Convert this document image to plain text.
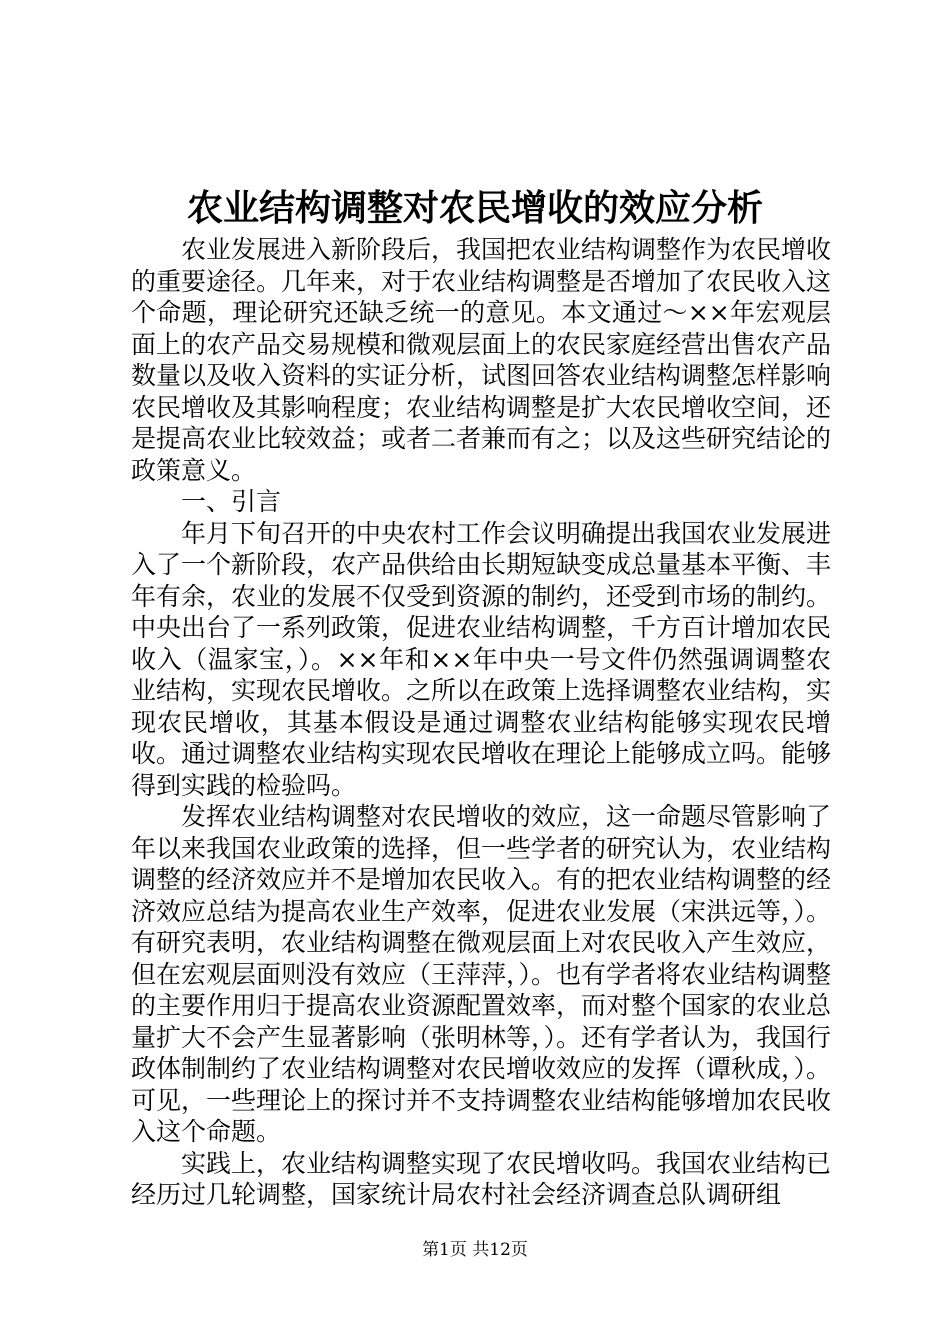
农业结构调整对农民增收的效应分析

农业发展进入新阶段后，我国把农业结构调整作为农民增收的重要途径。几年来，对于农业结构调整是否增加了农民收入这个命题，理论研究还缺乏统一的意见。本文通过～××年宏观层面上的农产品交易规模和微观层面上的农民家庭经营出售农产品数量以及收入资料的实证分析，试图回答农业结构调整怎样影响农民增收及其影响程度；农业结构调整是扩大农民增收空间，还是提高农业比较效益；或者二者兼而有之；以及这些研究结论的政策意义。

一、引言

年月下旬召开的中央农村工作会议明确提出我国农业发展进入了一个新阶段，农产品供给由长期短缺变成总量基本平衡、丰年有余，农业的发展不仅受到资源的制约，还受到市场的制约。中央出台了一系列政策，促进农业结构调整，千方百计增加农民收入（温家宝，）。××年和××年中央一号文件仍然强调调整农业结构，实现农民增收。之所以在政策上选择调整农业结构，实现农民增收，其基本假设是通过调整农业结构能够实现农民增收。通过调整农业结构实现农民增收在理论上能够成立吗。能够得到实践的检验吗。

发挥农业结构调整对农民增收的效应，这一命题尽管影响了年以来我国农业政策的选择，但一些学者的研究认为，农业结构调整的经济效应并不是增加农民收入。有的把农业结构调整的经济效应总结为提高农业生产效率，促进农业发展（宋洪远等，）。有研究表明，农业结构调整在微观层面上对农民收入产生效应，但在宏观层面则没有效应（王萍萍，）。也有学者将农业结构调整的主要作用归于提高农业资源配置效率，而对整个国家的农业总量扩大不会产生显著影响（张明林等，）。还有学者认为，我国行政体制制约了农业结构调整对农民增收效应的发挥（谭秋成，）。可见，一些理论上的探讨并不支持调整农业结构能够增加农民收入这个命题。

实践上，农业结构调整实现了农民增收吗。我国农业结构已经历过几轮调整，国家统计局农村社会经济调查总队调研组

第1页 共12页
